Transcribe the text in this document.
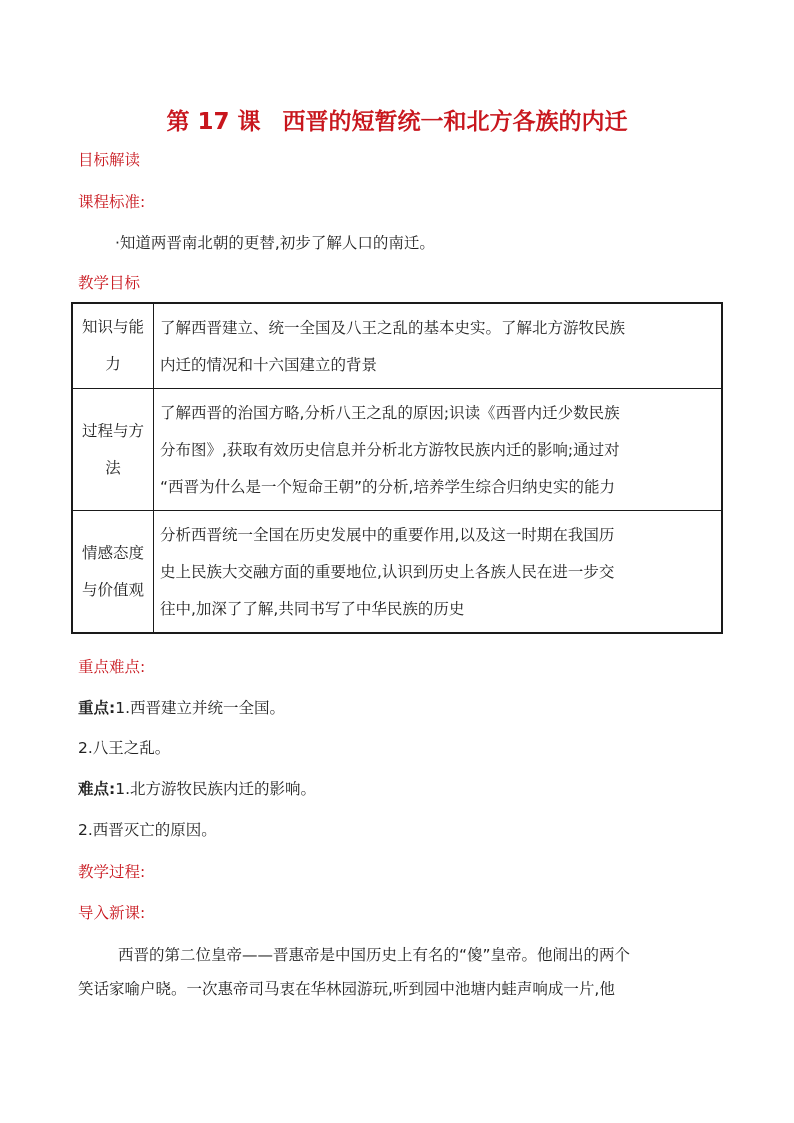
第 17 课 西晋的短暂统一和北方各族的内迁
目标解读
课程标准:
·知道两晋南北朝的更替,初步了解人口的南迁。
教学目标
知识与能
力	了解西晋建立、统一全国及八王之乱的基本史实。了解北方游牧民族
内迁的情况和十六国建立的背景

过程与方
法	了解西晋的治国方略,分析八王之乱的原因;识读《西晋内迁少数民族
分布图》,获取有效历史信息并分析北方游牧民族内迁的影响;通过对
“西晋为什么是一个短命王朝”的分析,培养学生综合归纳史实的能力

情感态度
与价值观	分析西晋统一全国在历史发展中的重要作用,以及这一时期在我国历
史上民族大交融方面的重要地位,认识到历史上各族人民在进一步交
往中,加深了了解,共同书写了中华民族的历史
重点难点:
重点:1.西晋建立并统一全国。
2.八王之乱。
难点:1.北方游牧民族内迁的影响。
2.西晋灭亡的原因。
教学过程:
导入新课:
西晋的第二位皇帝——晋惠帝是中国历史上有名的“傻”皇帝。他闹出的两个
笑话家喻户晓。一次惠帝司马衷在华林园游玩,听到园中池塘内蛙声响成一片,他
